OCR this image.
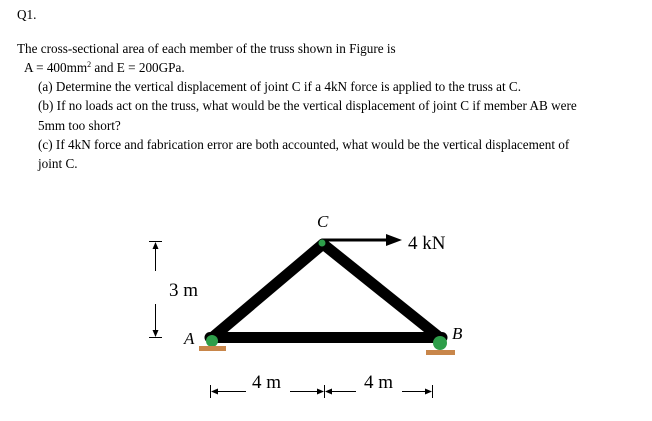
Q1.
The cross-sectional area of each member of the truss shown in Figure is
$A = 400mm^2$ and E = 200GPa.
(a) Determine the vertical displacement of joint C if a 4kN force is applied to the truss at C.
(b) If no loads act on the truss, what would be the vertical displacement of joint C if member AB were
5mm too short?
(c) If 4kN force and fabrication error are both accounted, what would be the vertical displacement of
joint C.
3 m
4 kN
C
A	B
4 m	4 m
